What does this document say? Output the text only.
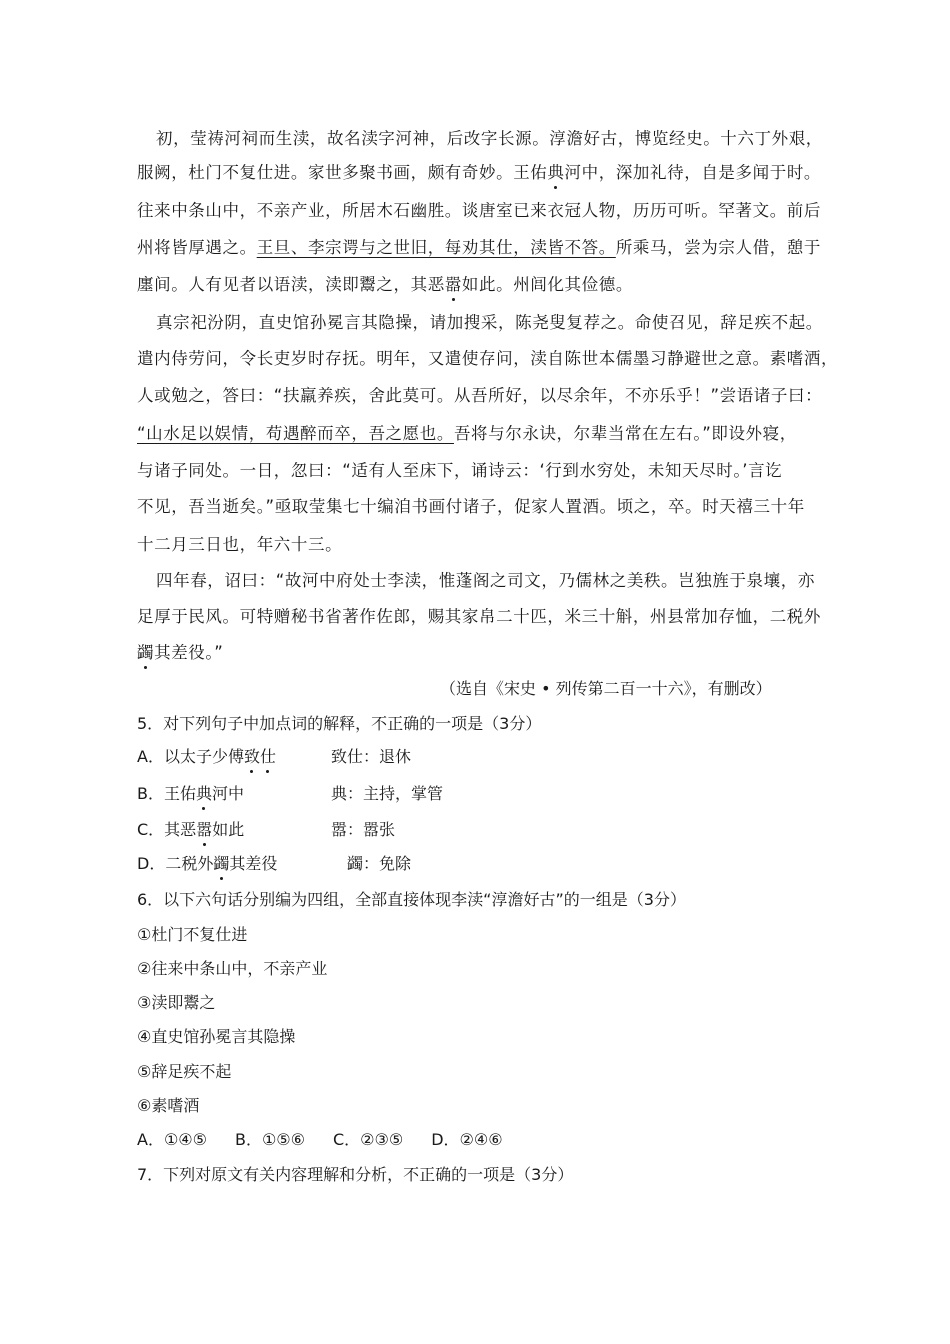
初，莹祷河祠而生渎，故名渎字河神，后改字长源。淳澹好古，博览经史。十六丁外艰，
服阙，杜门不复仕进。家世多聚书画，颇有奇妙。王佑典河中，深加礼待，自是多闻于时。
往来中条山中，不亲产业，所居木石幽胜。谈唐室已来衣冠人物，历历可听。罕著文。前后
州将皆厚遇之。王旦、李宗谔与之世旧，每劝其仕，渎皆不答。所乘马，尝为宗人借，憩于
廛间。人有见者以语渎，渎即鬻之，其恶嚣如此。州闾化其俭德。
真宗祀汾阴，直史馆孙冕言其隐操，请加搜采，陈尧叟复荐之。命使召见，辞足疾不起。
遣内侍劳问，令长吏岁时存抚。明年，又遣使存问，渎自陈世本儒墨习静避世之意。素嗜酒，
人或勉之，答曰：“扶羸养疾，舍此莫可。从吾所好，以尽余年，不亦乐乎！”尝语诸子曰：
“山水足以娱情，苟遇醉而卒，吾之愿也。吾将与尔永诀，尔辈当常在左右。”即设外寝，
与诸子同处。一日，忽曰：“适有人至床下，诵诗云：‘行到水穷处，未知天尽时。’言讫
不见，吾当逝矣。”亟取莹集七十编洎书画付诸子，促家人置酒。顷之，卒。时天禧三十年
十二月三日也，年六十三。
四年春，诏曰：“故河中府处士李渎，惟蓬阁之司文，乃儒林之美秩。岂独旌于泉壤，亦
足厚于民风。可特赠秘书省著作佐郎，赐其家帛二十匹，米三十斛，州县常加存恤，二税外
蠲其差役。”
（选自《宋史 • 列传第二百一十六》，有删改）
5．对下列句子中加点词的解释，不正确的一项是（3分）
A．以太子少傅致仕	致仕：退休
B．王佑典河中	典：主持，掌管
C．其恶嚣如此	嚣：嚣张
D．二税外蠲其差役	蠲：免除
6．以下六句话分别编为四组，全部直接体现李渎“淳澹好古”的一组是（3分）
①杜门不复仕进
②往来中条山中，不亲产业
③渎即鬻之
④直史馆孙冕言其隐操
⑤辞足疾不起
⑥素嗜酒
A．①④⑤ B．①⑤⑥ C．②③⑤ D．②④⑥
7．下列对原文有关内容理解和分析，不正确的一项是（3分）
